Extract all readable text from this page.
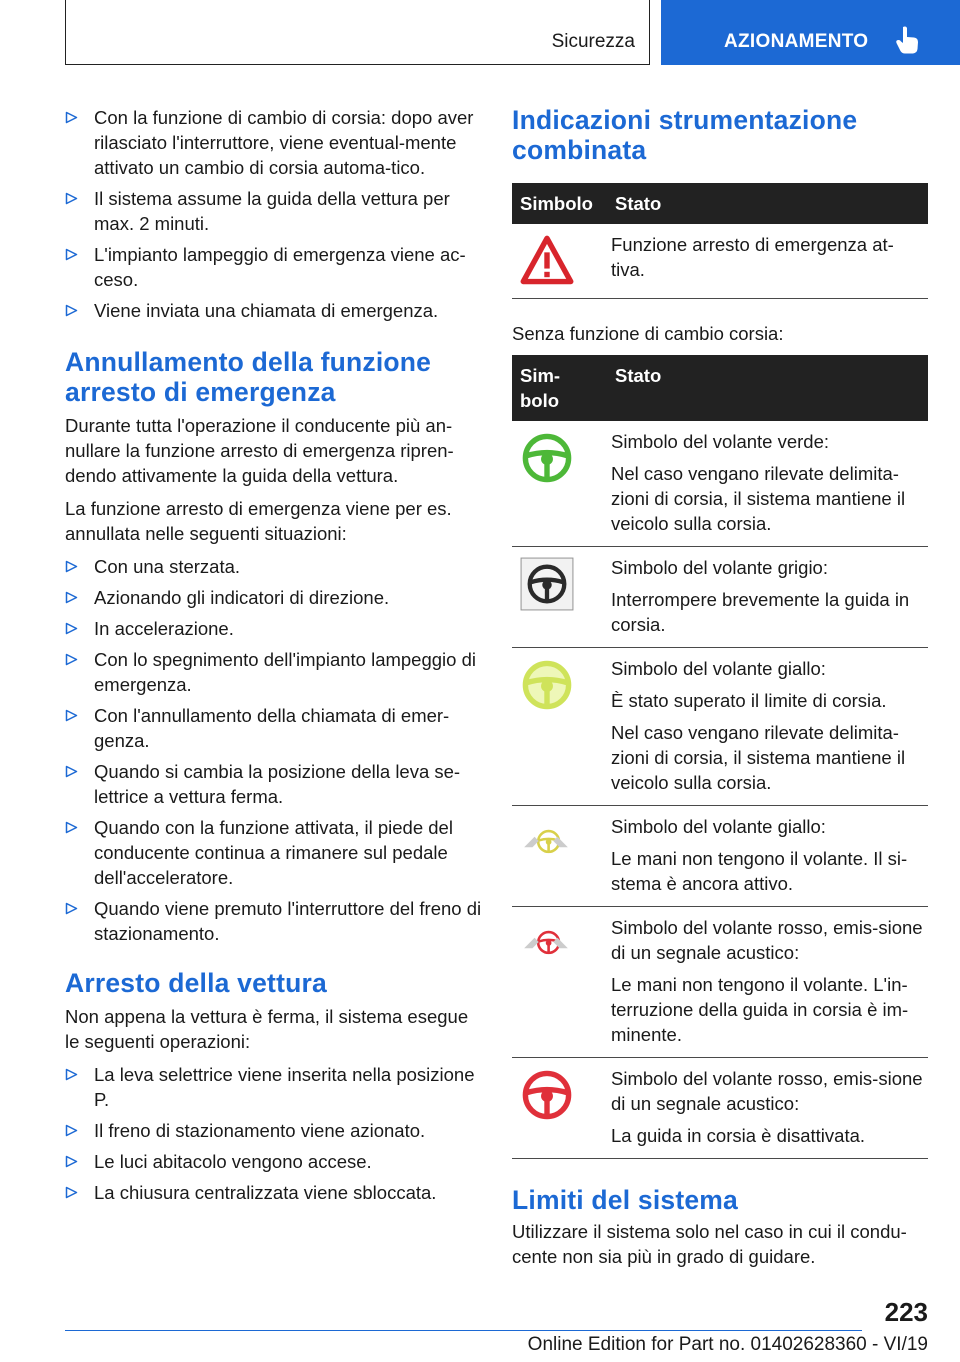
Sicurezza	AZIONAMENTO
Con la funzione di cambio di corsia: dopo aver rilasciato l'interruttore, viene eventual-mente attivato un cambio di corsia automa-tico.
Il sistema assume la guida della vettura per max. 2 minuti.
L'impianto lampeggio di emergenza viene ac-ceso.
Viene inviata una chiamata di emergenza.
Annullamento della funzione arresto di emergenza

Durante tutta l'operazione il conducente più an-nullare la funzione arresto di emergenza ripren-dendo attivamente la guida della vettura.

La funzione arresto di emergenza viene per es. annullata nelle seguenti situazioni:

Con una sterzata.
Azionando gli indicatori di direzione.
In accelerazione.
Con lo spegnimento dell'impianto lampeggio di emergenza.
Con l'annullamento della chiamata di emer-genza.
Quando si cambia la posizione della leva se-lettrice a vettura ferma.
Quando con la funzione attivata, il piede del conducente continua a rimanere sul pedale dell'acceleratore.
Quando viene premuto l'interruttore del freno di stazionamento.
Arresto della vettura

Non appena la vettura è ferma, il sistema esegue le seguenti operazioni:

La leva selettrice viene inserita nella posizione P.
Il freno di stazionamento viene azionato.
Le luci abitacolo vengono accese.
La chiusura centralizzata viene sbloccata.
Indicazioni strumentazione combinata
Simbolo	Stato

Funzione arresto di emergenza at-tiva.

Senza funzione di cambio corsia:

Sim-bolo	Stato

Simbolo del volante verde:
Nel caso vengano rilevate delimita-zioni di corsia, il sistema mantiene il veicolo sulla corsia.

Simbolo del volante grigio:
Interrompere brevemente la guida in corsia.

Simbolo del volante giallo:
È stato superato il limite di corsia.
Nel caso vengano rilevate delimita-zioni di corsia, il sistema mantiene il veicolo sulla corsia.

Simbolo del volante giallo:
Le mani non tengono il volante. Il si-stema è ancora attivo.

Simbolo del volante rosso, emis-sione di un segnale acustico:
Le mani non tengono il volante. L'in-terruzione della guida in corsia è im-minente.

Simbolo del volante rosso, emis-sione di un segnale acustico:
La guida in corsia è disattivata.
Limiti del sistema

Utilizzare il sistema solo nel caso in cui il condu-cente non sia più in grado di guidare.

223
Online Edition for Part no. 01402628360 - VI/19
